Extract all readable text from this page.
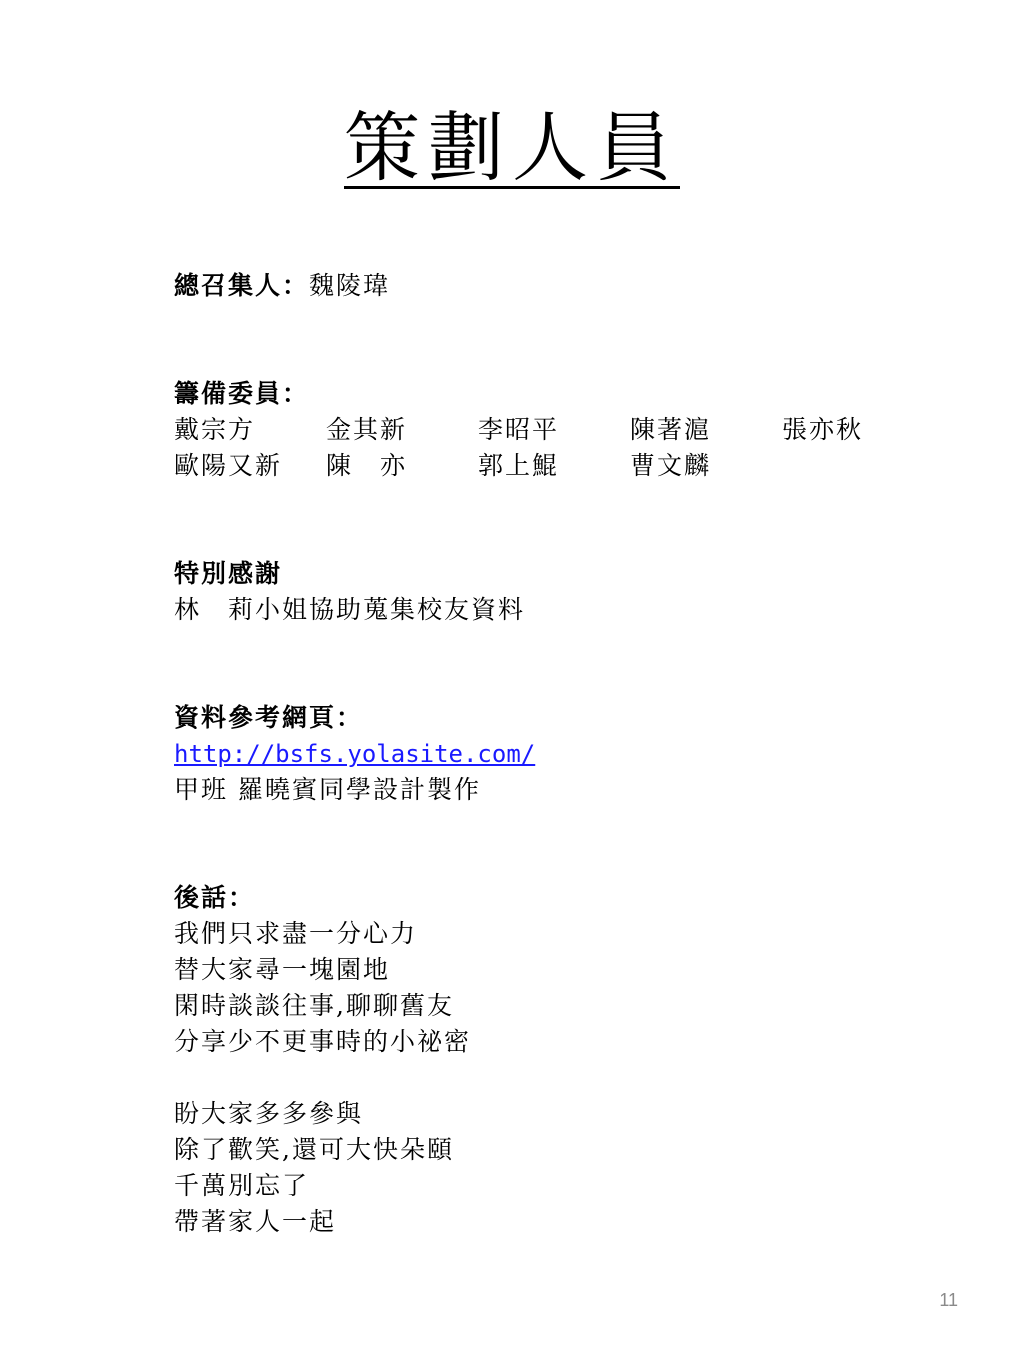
策劃人員
總召集人：魏陵瑋
籌備委員：
戴宗方	金其新	李昭平	陳著滬	張亦秋
歐陽又新	陳　亦	郭上鯤	曹文麟
特別感謝
林　莉小姐協助蒐集校友資料
資料參考網頁：
http://bsfs.yolasite.com/
甲班 羅曉賓同學設計製作
後話：
我們只求盡一分心力
替大家尋一塊園地
閑時談談往事,聊聊舊友
分享少不更事時的小祕密
盼大家多多參與
除了歡笑,還可大快朵頤
千萬別忘了
帶著家人一起
11
